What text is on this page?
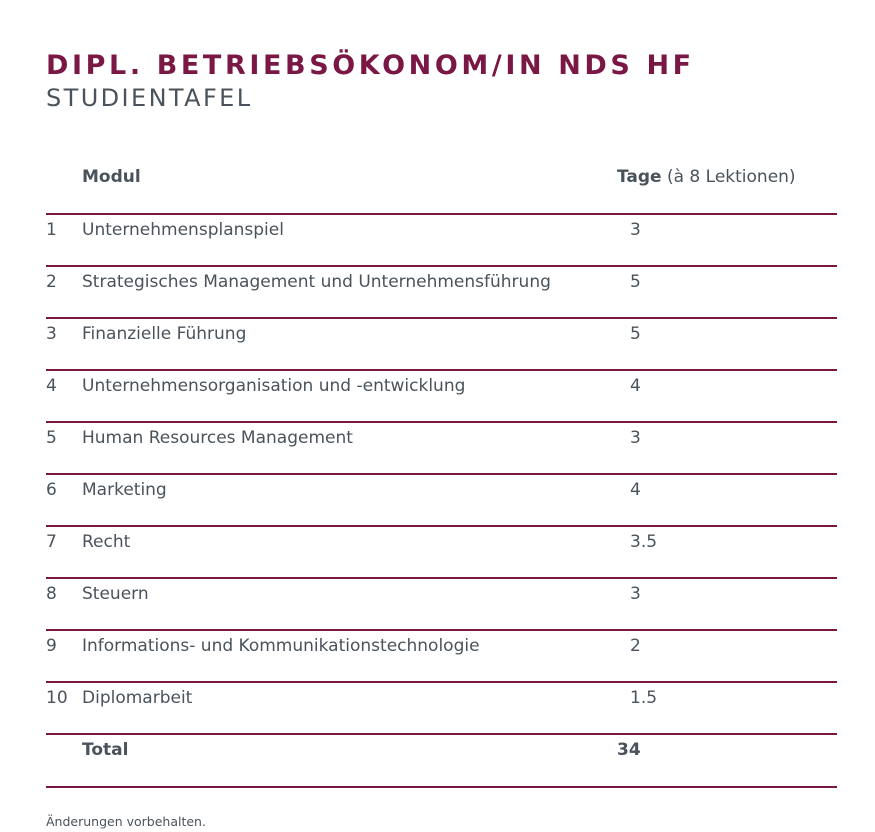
DIPL. BETRIEBSÖKONOM/IN NDS HF
STUDIENTAFEL
Modul	Tage (à 8 Lektionen)
1 Unternehmensplanspiel	3
2 Strategisches Management und Unternehmensführung	5
3 Finanzielle Führung	5
4 Unternehmensorganisation und -entwicklung	4
5 Human Resources Management	3
6 Marketing	4
7 Recht	3.5
8 Steuern	3
9 Informations- und Kommunikationstechnologie	2
10 Diplomarbeit	1.5
Total	34
Änderungen vorbehalten.
